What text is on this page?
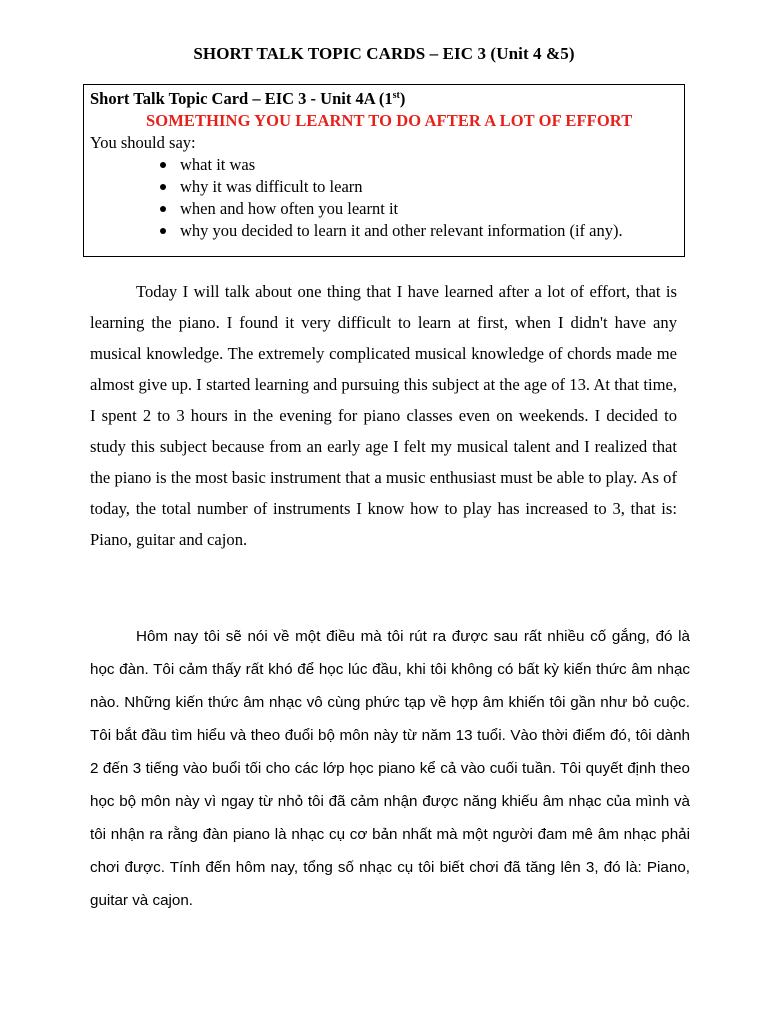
SHORT TALK TOPIC CARDS – EIC 3 (Unit 4 &5)
Short Talk Topic Card – EIC 3 - Unit 4A (1st)
SOMETHING YOU LEARNT TO DO AFTER A LOT OF EFFORT
You should say:
what it was
why it was difficult to learn
when and how often you learnt it
why you decided to learn it and other relevant information (if any).

Today I will talk about one thing that I have learned after a lot of effort, that is learning the piano. I found it very difficult to learn at first, when I didn't have any musical knowledge. The extremely complicated musical knowledge of chords made me almost give up. I started learning and pursuing this subject at the age of 13. At that time, I spent 2 to 3 hours in the evening for piano classes even on weekends. I decided to study this subject because from an early age I felt my musical talent and I realized that the piano is the most basic instrument that a music enthusiast must be able to play. As of today, the total number of instruments I know how to play has increased to 3, that is: Piano, guitar and cajon.

Hôm nay tôi sẽ nói về một điều mà tôi rút ra được sau rất nhiều cố gắng, đó là học đàn. Tôi cảm thấy rất khó để học lúc đầu, khi tôi không có bất kỳ kiến thức âm nhạc nào. Những kiến thức âm nhạc vô cùng phức tạp về hợp âm khiến tôi gần như bỏ cuộc. Tôi bắt đầu tìm hiểu và theo đuổi bộ môn này từ năm 13 tuổi. Vào thời điểm đó, tôi dành 2 đến 3 tiếng vào buổi tối cho các lớp học piano kể cả vào cuối tuần. Tôi quyết định theo học bộ môn này vì ngay từ nhỏ tôi đã cảm nhận được năng khiếu âm nhạc của mình và tôi nhận ra rằng đàn piano là nhạc cụ cơ bản nhất mà một người đam mê âm nhạc phải chơi được. Tính đến hôm nay, tổng số nhạc cụ tôi biết chơi đã tăng lên 3, đó là: Piano, guitar và cajon.
